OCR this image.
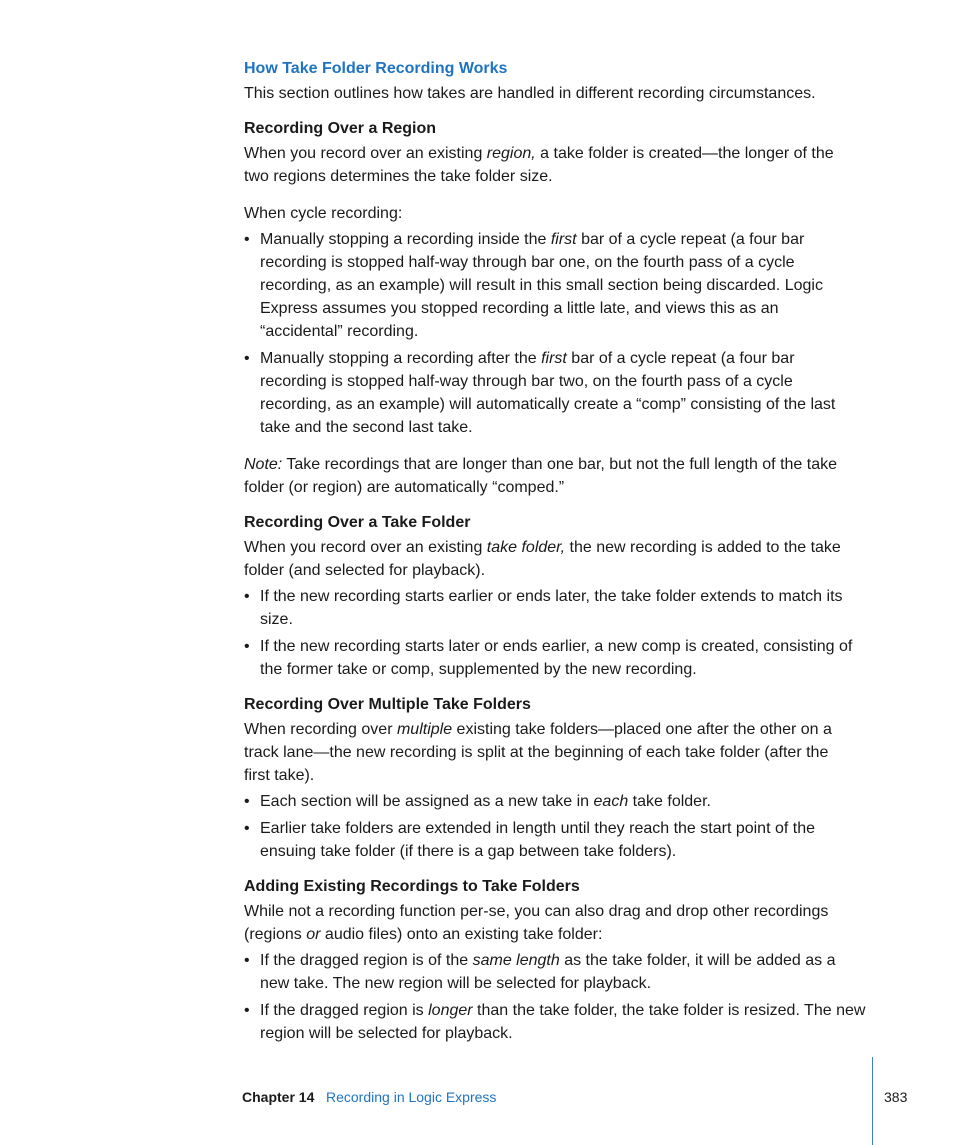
How Take Folder Recording Works
This section outlines how takes are handled in different recording circumstances.
Recording Over a Region
When you record over an existing region, a take folder is created—the longer of the two regions determines the take folder size.
When cycle recording:
• Manually stopping a recording inside the first bar of a cycle repeat (a four bar recording is stopped half-way through bar one, on the fourth pass of a cycle recording, as an example) will result in this small section being discarded. Logic Express assumes you stopped recording a little late, and views this as an “accidental” recording.
• Manually stopping a recording after the first bar of a cycle repeat (a four bar recording is stopped half-way through bar two, on the fourth pass of a cycle recording, as an example) will automatically create a “comp” consisting of the last take and the second last take.
Note: Take recordings that are longer than one bar, but not the full length of the take folder (or region) are automatically “comped.”
Recording Over a Take Folder
When you record over an existing take folder, the new recording is added to the take folder (and selected for playback).
• If the new recording starts earlier or ends later, the take folder extends to match its size.
• If the new recording starts later or ends earlier, a new comp is created, consisting of the former take or comp, supplemented by the new recording.
Recording Over Multiple Take Folders
When recording over multiple existing take folders—placed one after the other on a track lane—the new recording is split at the beginning of each take folder (after the first take).
• Each section will be assigned as a new take in each take folder.
• Earlier take folders are extended in length until they reach the start point of the ensuing take folder (if there is a gap between take folders).
Adding Existing Recordings to Take Folders
While not a recording function per-se, you can also drag and drop other recordings (regions or audio files) onto an existing take folder:
• If the dragged region is of the same length as the take folder, it will be added as a new take. The new region will be selected for playback.
• If the dragged region is longer than the take folder, the take folder is resized. The new region will be selected for playback.
Chapter 14 Recording in Logic Express	383
